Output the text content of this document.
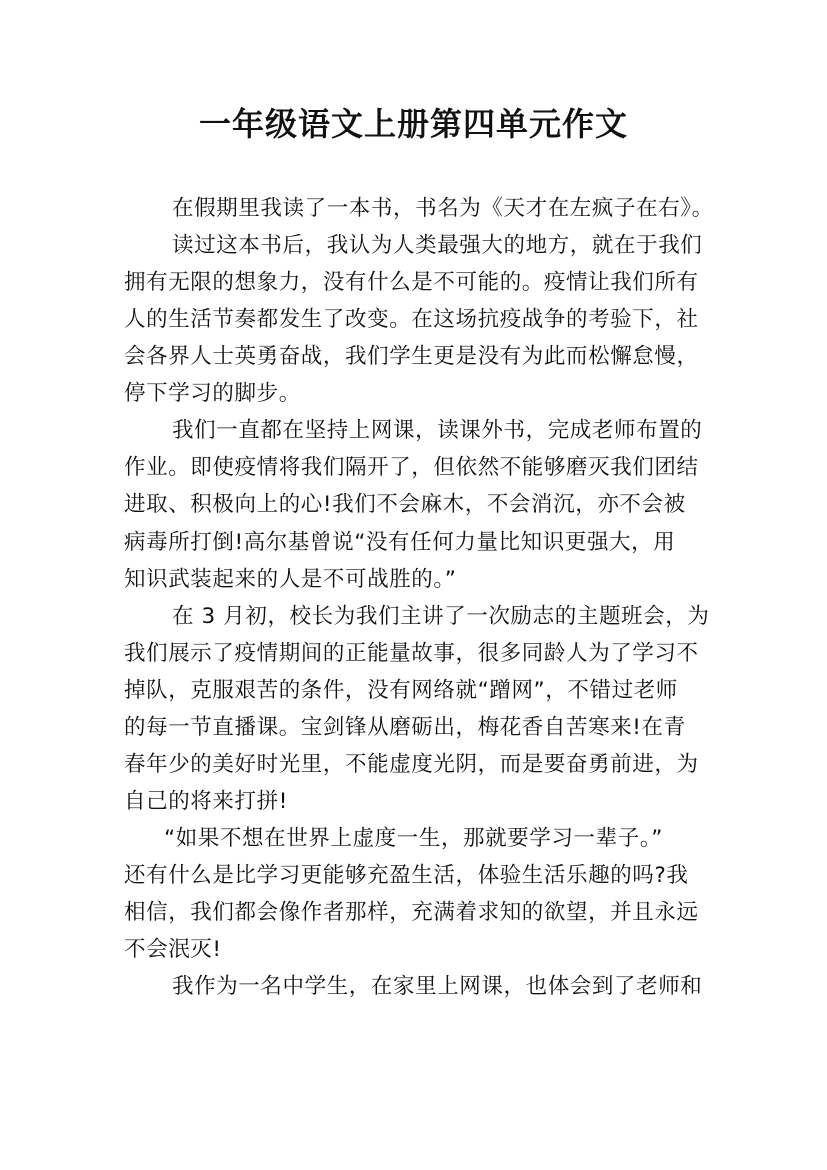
一年级语文上册第四单元作文
在假期里我读了一本书，书名为《天才在左疯子在右》。
读过这本书后，我认为人类最强大的地方，就在于我们
拥有无限的想象力，没有什么是不可能的。疫情让我们所有
人的生活节奏都发生了改变。在这场抗疫战争的考验下，社
会各界人士英勇奋战，我们学生更是没有为此而松懈怠慢，
停下学习的脚步。
我们一直都在坚持上网课，读课外书，完成老师布置的
作业。即使疫情将我们隔开了，但依然不能够磨灭我们团结
进取、积极向上的心!我们不会麻木，不会消沉，亦不会被
病毒所打倒!高尔基曾说“没有任何力量比知识更强大，用
知识武装起来的人是不可战胜的。”
在 3 月初，校长为我们主讲了一次励志的主题班会，为
我们展示了疫情期间的正能量故事，很多同龄人为了学习不
掉队，克服艰苦的条件，没有网络就“蹭网”，不错过老师
的每一节直播课。宝剑锋从磨砺出，梅花香自苦寒来!在青
春年少的美好时光里，不能虚度光阴，而是要奋勇前进，为
自己的将来打拼!
“如果不想在世界上虚度一生，那就要学习一辈子。”
还有什么是比学习更能够充盈生活，体验生活乐趣的吗?我
相信，我们都会像作者那样，充满着求知的欲望，并且永远
不会泯灭!
我作为一名中学生，在家里上网课，也体会到了老师和
